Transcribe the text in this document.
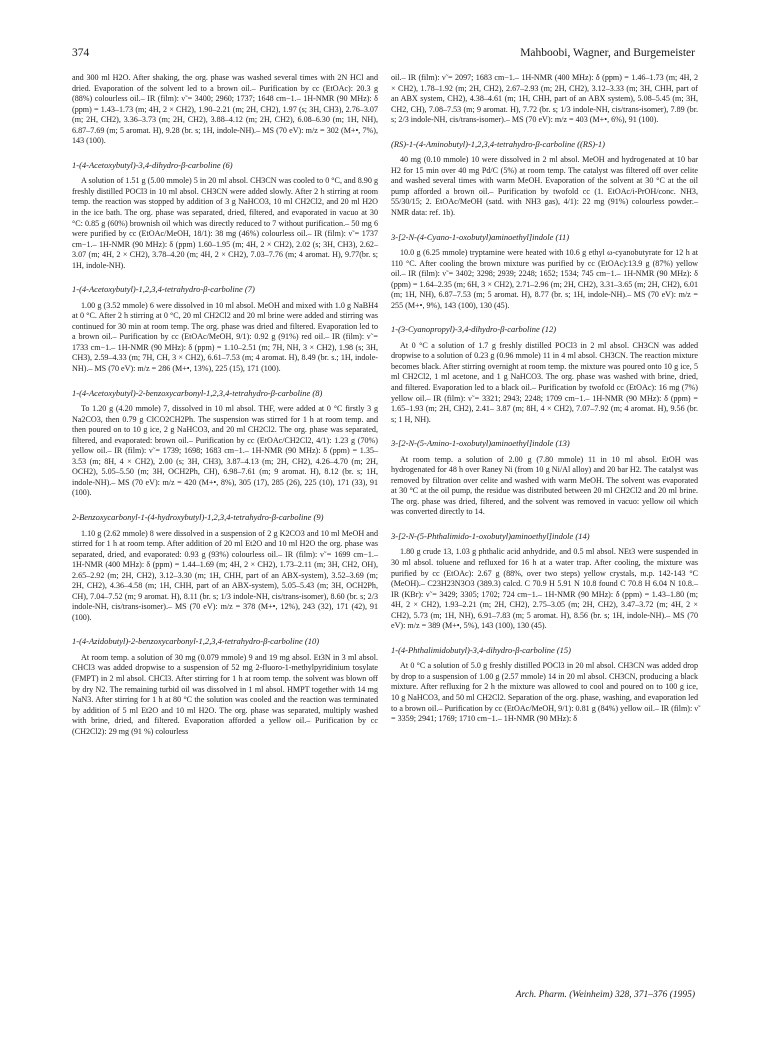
374	Mahboobi, Wagner, and Burgemeister

and 300 ml H2O. After shaking, the org. phase was washed several times with 2N HCl and dried. Evaporation of the solvent led to a brown oil.– Purification by cc (EtOAc): 20.3 g (88%) colourless oil.– IR (film): ν̃ = 3400; 2960; 1737; 1648 cm−1.– 1H-NMR (90 MHz): δ (ppm) = 1.43–1.73 (m; 4H, 2 × CH2), 1.90–2.21 (m; 2H, CH2), 1.97 (s; 3H, CH3), 2.76–3.07 (m; 2H, CH2), 3.36–3.73 (m; 2H, CH2), 3.88–4.12 (m; 2H, CH2), 6.08–6.30 (m; 1H, NH), 6.87–7.69 (m; 5 aromat. H), 9.28 (br. s; 1H, indole-NH).– MS (70 eV): m/z = 302 (M+•, 7%), 143 (100).

1-(4-Acetoxybutyl)-3,4-dihydro-β-carboline (6)

A solution of 1.51 g (5.00 mmole) 5 in 20 ml absol. CH3CN was cooled to 0 °C, and 8.90 g freshly distilled POCl3 in 10 ml absol. CH3CN were added slowly. After 2 h stirring at room temp. the reaction was stopped by addition of 3 g NaHCO3, 10 ml CH2Cl2, and 20 ml H2O in the ice bath. The org. phase was separated, dried, filtered, and evaporated in vacuo at 30 °C: 0.85 g (60%) brownish oil which was directly reduced to 7 without purification.– 50 mg 6 were purified by cc (EtOAc/MeOH, 18/1): 38 mg (46%) colourless oil.– IR (film): ν̃ = 1737 cm−1.– 1H-NMR (90 MHz): δ (ppm) 1.60–1.95 (m; 4H, 2 × CH2), 2.02 (s; 3H, CH3), 2.62–3.07 (m; 4H, 2 × CH2), 3.78–4.20 (m; 4H, 2 × CH2), 7.03–7.76 (m; 4 aromat. H), 9.77(br. s; 1H, indole-NH).

1-(4-Acetoxybutyl)-1,2,3,4-tetrahydro-β-carboline (7)

1.00 g (3.52 mmole) 6 were dissolved in 10 ml absol. MeOH and mixed with 1.0 g NaBH4 at 0 °C. After 2 h stirring at 0 °C, 20 ml CH2Cl2 and 20 ml brine were added and stirring was continued for 30 min at room temp. The org. phase was dried and filtered. Evaporation led to a brown oil.– Purification by cc (EtOAc/MeOH, 9/1): 0.92 g (91%) red oil.– IR (film): ν̃ = 1733 cm−1.– 1H-NMR (90 MHz): δ (ppm) = 1.10–2.51 (m; 7H, NH, 3 × CH2), 1.98 (s; 3H, CH3), 2.59–4.33 (m; 7H, CH, 3 × CH2), 6.61–7.53 (m; 4 aromat. H), 8.49 (br. s.; 1H, indole-NH).– MS (70 eV): m/z = 286 (M+•, 13%), 225 (15), 171 (100).

1-(4-Acetoxybutyl)-2-benzoxycarbonyl-1,2,3,4-tetrahydro-β-carboline (8)

To 1.20 g (4.20 mmole) 7, dissolved in 10 ml absol. THF, were added at 0 °C firstly 3 g Na2CO3, then 0.79 g ClCO2CH2Ph. The suspension was stirred for 1 h at room temp. and then poured on to 10 g ice, 2 g NaHCO3, and 20 ml CH2Cl2. The org. phase was separated, filtered, and evaporated: brown oil.– Purification by cc (EtOAc/CH2Cl2, 4/1): 1.23 g (70%) yellow oil.– IR (film): ν̃ = 1739; 1698; 1683 cm−1.– 1H-NMR (90 MHz): δ (ppm) = 1.35–3.53 (m; 8H, 4 × CH2), 2.00 (s; 3H, CH3), 3.87–4.13 (m; 2H, CH2), 4.26–4.70 (m; 2H, OCH2), 5.05–5.50 (m; 3H, OCH2Ph, CH), 6.98–7.61 (m; 9 aromat. H), 8.12 (br. s; 1H, indole-NH).– MS (70 eV): m/z = 420 (M+•, 8%), 305 (17), 285 (26), 225 (10), 171 (33), 91 (100).

2-Benzoxycarbonyl-1-(4-hydroxybutyl)-1,2,3,4-tetrahydro-β-carboline (9)

1.10 g (2.62 mmole) 8 were dissolved in a suspension of 2 g K2CO3 and 10 ml MeOH and stirred for 1 h at room temp. After addition of 20 ml Et2O and 10 ml H2O the org. phase was separated, dried, and evaporated: 0.93 g (93%) colourless oil.– IR (film): ν̃ = 1699 cm−1.– 1H-NMR (400 MHz): δ (ppm) = 1.44–1.69 (m; 4H, 2 × CH2), 1.73–2.11 (m; 3H, CH2, OH), 2.65–2.92 (m; 2H, CH2), 3.12–3.30 (m; 1H, CHH, part of an ABX-system), 3.52–3.69 (m; 2H, CH2), 4.36–4.58 (m; 1H, CHH, part of an ABX-system), 5.05–5.43 (m; 3H, OCH2Ph, CH), 7.04–7.52 (m; 9 aromat. H), 8.11 (br. s; 1/3 indole-NH, cis/trans-isomer), 8.60 (br. s; 2/3 indole-NH, cis/trans-isomer).– MS (70 eV): m/z = 378 (M+•, 12%), 243 (32), 171 (42), 91 (100).

1-(4-Azidobutyl)-2-benzoxycarbonyl-1,2,3,4-tetrahydro-β-carboline (10)

At room temp. a solution of 30 mg (0.079 mmole) 9 and 19 mg absol. Et3N in 3 ml absol. CHCl3 was added dropwise to a suspension of 52 mg 2-fluoro-1-methylpyridinium tosylate (FMPT) in 2 ml absol. CHCl3. After stirring for 1 h at room temp. the solvent was blown off by dry N2. The remaining turbid oil was dissolved in 1 ml absol. HMPT together with 14 mg NaN3. After stirring for 1 h at 80 °C the solution was cooled and the reaction was terminated by addition of 5 ml Et2O and 10 ml H2O. The org. phase was separated, multiply washed with brine, dried, and filtered. Evaporation afforded a yellow oil.– Purification by cc (CH2Cl2): 29 mg (91 %) colourless

oil.– IR (film): ν̃ = 2097; 1683 cm−1.– 1H-NMR (400 MHz): δ (ppm) = 1.46–1.73 (m; 4H, 2 × CH2), 1.78–1.92 (m; 2H, CH2), 2.67–2.93 (m; 2H, CH2), 3.12–3.33 (m; 3H, CHH, part of an ABX system, CH2), 4.38–4.61 (m; 1H, CHH, part of an ABX system), 5.08–5.45 (m; 3H, CH2, CH), 7.08–7.53 (m; 9 aromat. H), 7.72 (br. s; 1/3 indole-NH, cis/trans-isomer), 7.89 (br. s; 2/3 indole-NH, cis/trans-isomer).– MS (70 eV): m/z = 403 (M+•, 6%), 91 (100).

(RS)-1-(4-Aminobutyl)-1,2,3,4-tetrahydro-β-carboline ((RS)-1)

40 mg (0.10 mmole) 10 were dissolved in 2 ml absol. MeOH and hydrogenated at 10 bar H2 for 15 min over 40 mg Pd/C (5%) at room temp. The catalyst was filtered off over celite and washed several times with warm MeOH. Evaporation of the solvent at 30 °C at the oil pump afforded a brown oil.– Purification by twofold cc (1. EtOAc/i-PrOH/conc. NH3, 55/30/15; 2. EtOAc/MeOH (satd. with NH3 gas), 4/1): 22 mg (91%) colourless powder.– NMR data: ref. 1b).

3-[2-N-(4-Cyano-1-oxobutyl)aminoethyl]indole (11)

10.0 g (6.25 mmole) tryptamine were heated with 10.6 g ethyl ω-cyanobutyrate for 12 h at 110 °C. After cooling the brown mixture was purified by cc (EtOAc):13.9 g (87%) yellow oil.– IR (film): ν̃ = 3402; 3298; 2939; 2248; 1652; 1534; 745 cm−1.– 1H-NMR (90 MHz): δ (ppm) = 1.64–2.35 (m; 6H, 3 × CH2), 2.71–2.96 (m; 2H, CH2), 3.31–3.65 (m; 2H, CH2), 6.01 (m; 1H, NH), 6.87–7.53 (m; 5 aromat. H), 8.77 (br. s; 1H, indole-NH).– MS (70 eV): m/z = 255 (M+•, 9%), 143 (100), 130 (45).

1-(3-Cyanopropyl)-3,4-dihydro-β-carboline (12)

At 0 °C a solution of 1.7 g freshly distilled POCl3 in 2 ml absol. CH3CN was added dropwise to a solution of 0.23 g (0.96 mmole) 11 in 4 ml absol. CH3CN. The reaction mixture becomes black. After stirring overnight at room temp. the mixture was poured onto 10 g ice, 5 ml CH2Cl2, 1 ml acetone, and 1 g NaHCO3. The org. phase was washed with brine, dried, and filtered. Evaporation led to a black oil.– Purification by twofold cc (EtOAc): 16 mg (7%) yellow oil.– IR (film): ν̃ = 3321; 2943; 2248; 1709 cm−1.– 1H-NMR (90 MHz): δ (ppm) = 1.65–1.93 (m; 2H, CH2), 2.41– 3.87 (m; 8H, 4 × CH2), 7.07–7.92 (m; 4 aromat. H), 9.56 (br. s; 1 H, NH).

3-[2-N-(5-Amino-1-oxobutyl)aminoethyl]indole (13)

At room temp. a solution of 2.00 g (7.80 mmole) 11 in 10 ml absol. EtOH was hydrogenated for 48 h over Raney Ni (from 10 g Ni/Al alloy) and 20 bar H2. The catalyst was removed by filtration over celite and washed with warm MeOH. The solvent was evaporated at 30 °C at the oil pump, the residue was distributed between 20 ml CH2Cl2 and 20 ml brine. The org. phase was dried, filtered, and the solvent was removed in vacuo: yellow oil which was converted directly to 14.

3-[2-N-(5-Phthalimido-1-oxobutyl)aminoethyl]indole (14)

1.80 g crude 13, 1.03 g phthalic acid anhydride, and 0.5 ml absol. NEt3 were suspended in 30 ml absol. toluene and refluxed for 16 h at a water trap. After cooling, the mixture was purified by cc (EtOAc): 2.67 g (88%, over two steps) yellow crystals, m.p. 142-143 °C (MeOH).– C23H23N3O3 (389.3) calcd. C 70.9 H 5.91 N 10.8 found C 70.8 H 6.04 N 10.8.– IR (KBr): ν̃ = 3429; 3305; 1702; 724 cm−1.– 1H-NMR (90 MHz): δ (ppm) = 1.43–1.80 (m; 4H, 2 × CH2), 1.93–2.21 (m; 2H, CH2), 2.75–3.05 (m; 2H, CH2), 3.47–3.72 (m; 4H, 2 × CH2), 5.73 (m; 1H, NH), 6.91–7.83 (m; 5 aromat. H), 8.56 (br. s; 1H, indole-NH).– MS (70 eV): m/z = 389 (M+•, 5%), 143 (100), 130 (45).

1-(4-Phthalimidobutyl)-3,4-dihydro-β-carboline (15)

At 0 °C a solution of 5.0 g freshly distilled POCl3 in 20 ml absol. CH3CN was added drop by drop to a suspension of 1.00 g (2.57 mmole) 14 in 20 ml absol. CH3CN, producing a black mixture. After refluxing for 2 h the mixture was allowed to cool and poured on to 100 g ice, 10 g NaHCO3, and 50 ml CH2Cl2. Separation of the org. phase, washing, and evaporation led to a brown oil.– Purification by cc (EtOAc/MeOH, 9/1): 0.81 g (84%) yellow oil.– IR (film): ν̃ = 3359; 2941; 1769; 1710 cm−1.– 1H-NMR (90 MHz): δ

Arch. Pharm. (Weinheim) 328, 371–376 (1995)
